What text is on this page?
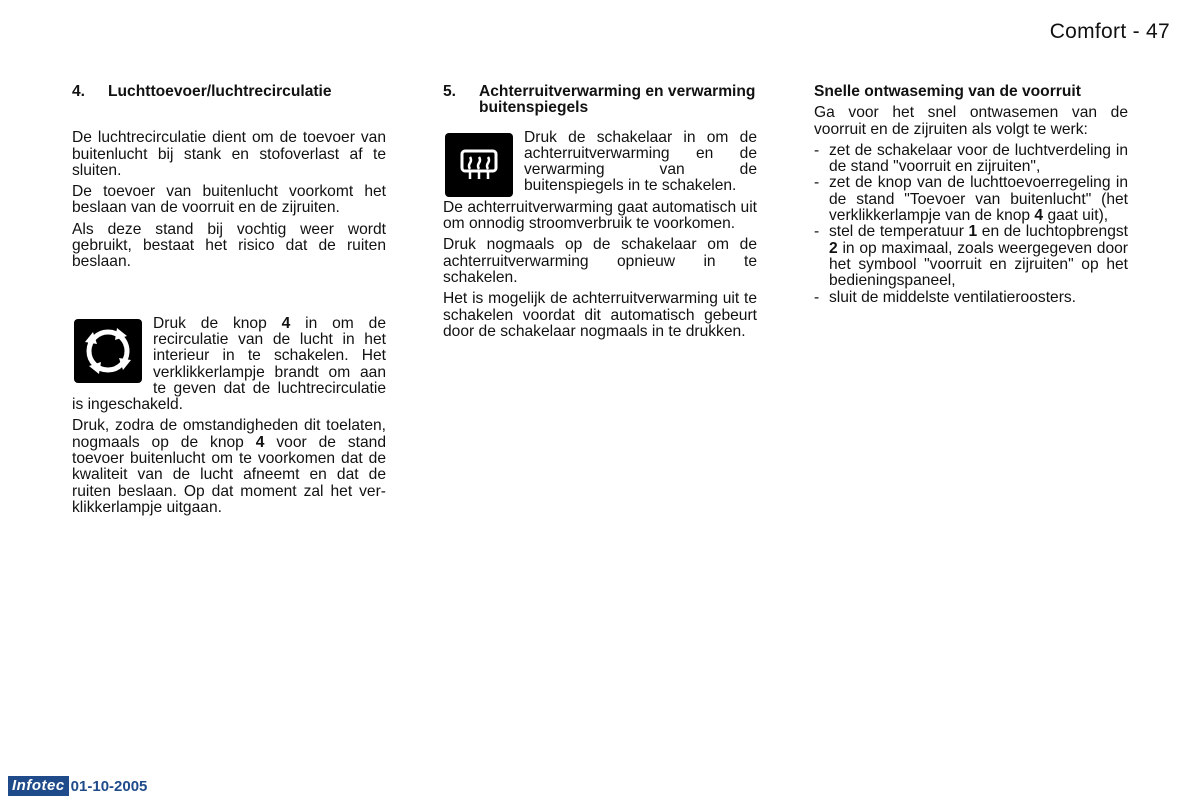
Comfort - 47
4.	Luchttoevoer/luchtrecirculatie

De luchtrecirculatie dient om de toevoer van buitenlucht bij stank en stofoverlast af te sluiten.

De toevoer van buitenlucht voorkomt het beslaan van de voorruit en de zijruiten.

Als deze stand bij vochtig weer wordt gebruikt, bestaat het risico dat de ruiten beslaan.

Druk de knop 4 in om de recirculatie van de lucht in het interieur in te schakelen. Het verklikkerlampje brandt om aan te geven dat de luchtrecirculatie is ingeschakeld.

Druk, zodra de omstandigheden dit toelaten, nogmaals op de knop 4 voor de stand toevoer buitenlucht om te voorkomen dat de kwaliteit van de lucht afneemt en dat de ruiten beslaan. Op dat moment zal het verklikkerlampje uitgaan.

5.	Achterruitverwarming en verwarming buitenspiegels

Druk de schakelaar in om de achterruitverwarming en de verwarming van de buitenspiegels in te schakelen.

De achterruitverwarming gaat automatisch uit om onnodig stroomverbruik te voorkomen.

Druk nogmaals op de schakelaar om de achterruitverwarming opnieuw in te schakelen.

Het is mogelijk de achterruitverwarming uit te schakelen voordat dit automatisch gebeurt door de schakelaar nogmaals in te drukken.

Snelle ontwaseming van de voorruit

Ga voor het snel ontwasemen van de voorruit en de zijruiten als volgt te werk:

- zet de schakelaar voor de luchtverdeling in de stand "voorruit en zijruiten",
- zet de knop van de luchttoevoerregeling in de stand "Toevoer van buitenlucht" (het verklikkerlampje van de knop 4 gaat uit),
- stel de temperatuur 1 en de luchtopbrengst 2 in op maximaal, zoals weergegeven door het symbool "voorruit en zijruiten" op het bedieningspaneel,
- sluit de middelste ventilatieroosters.
Infotec 01-10-2005
